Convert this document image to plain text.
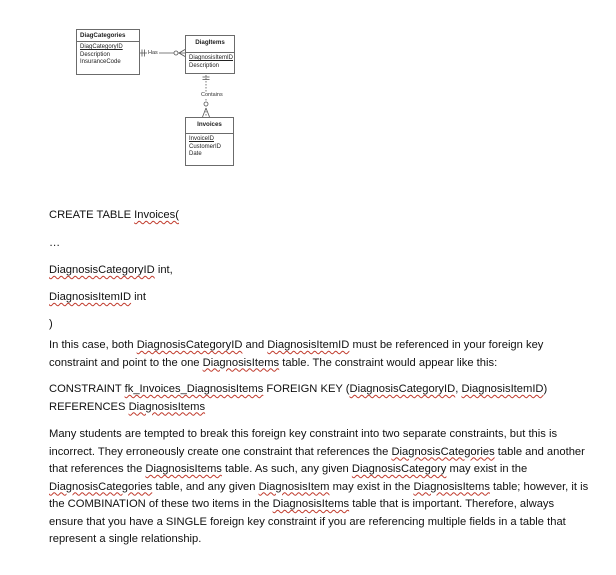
DiagCategories
DiagCategoryID
Description
InsuranceCode
Has
DiagItems
DiagnosisItemID
Description
Contains
Invoices
InvoiceID
CustomerID
Date
CREATE TABLE Invoices(
…
DiagnosisCategoryID int,
DiagnosisItemID int
)
In this case, both DiagnosisCategoryID and DiagnosisItemID must be referenced in your foreign key constraint and point to the one DiagnosisItems table. The constraint would appear like this:
CONSTRAINT fk_Invoices_DiagnosisItems FOREIGN KEY (DiagnosisCategoryID, DiagnosisItemID) REFERENCES DiagnosisItems
Many students are tempted to break this foreign key constraint into two separate constraints, but this is incorrect. They erroneously create one constraint that references the DiagnosisCategories table and another that references the DiagnosisItems table. As such, any given DiagnosisCategory may exist in the DiagnosisCategories table, and any given DiagnosisItem may exist in the DiagnosisItems table; however, it is the COMBINATION of these two items in the DiagnosisItems table that is important. Therefore, always ensure that you have a SINGLE foreign key constraint if you are referencing multiple fields in a table that represent a single relationship.
